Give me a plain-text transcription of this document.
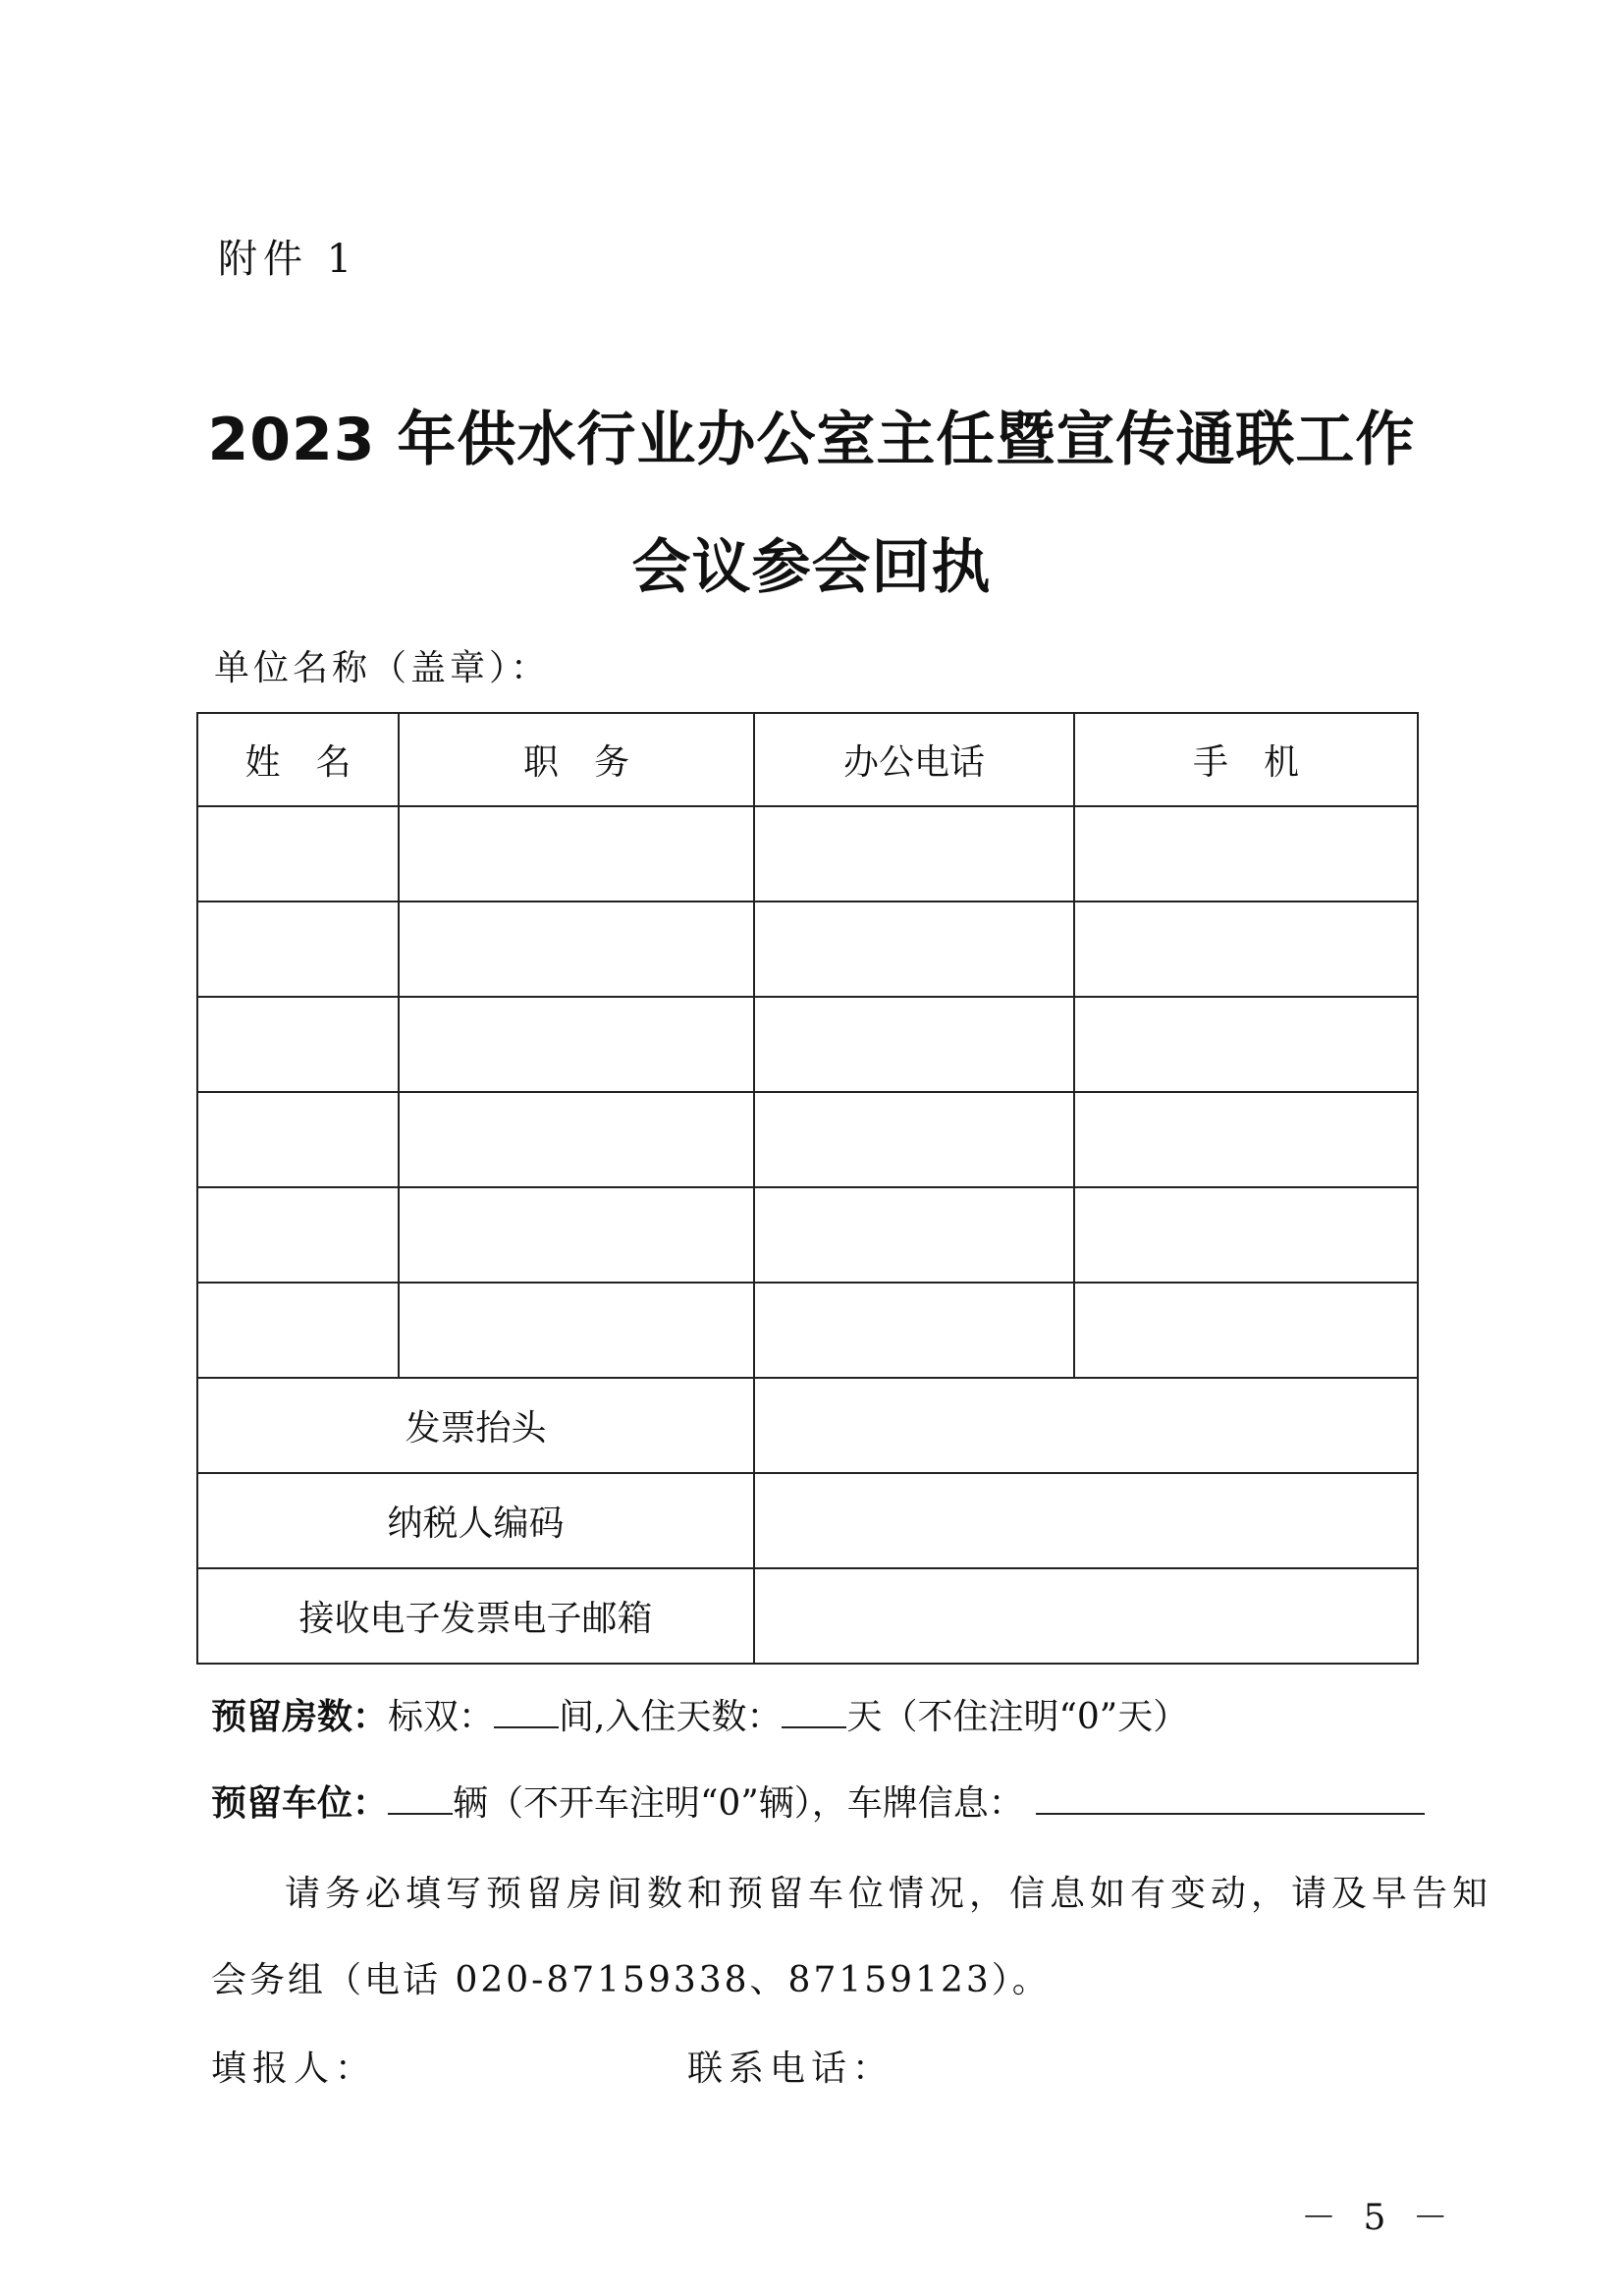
附件 1
2023 年供水行业办公室主任暨宣传通联工作
会议参会回执
单位名称（盖章）：
姓　名	职　务	办公电话	手　机

发票抬头			
纳税人编码			
接收电子发票电子邮箱			
预留房数：标双： 间,入住天数： 天（不住注明“0”天）
预留车位： 辆（不开车注明“0”辆），车牌信息：
请务必填写预留房间数和预留车位情况，信息如有变动，请及早告知
会务组（电话 020-87159338、87159123）。
填报人：	联系电话：
－ 5 －
